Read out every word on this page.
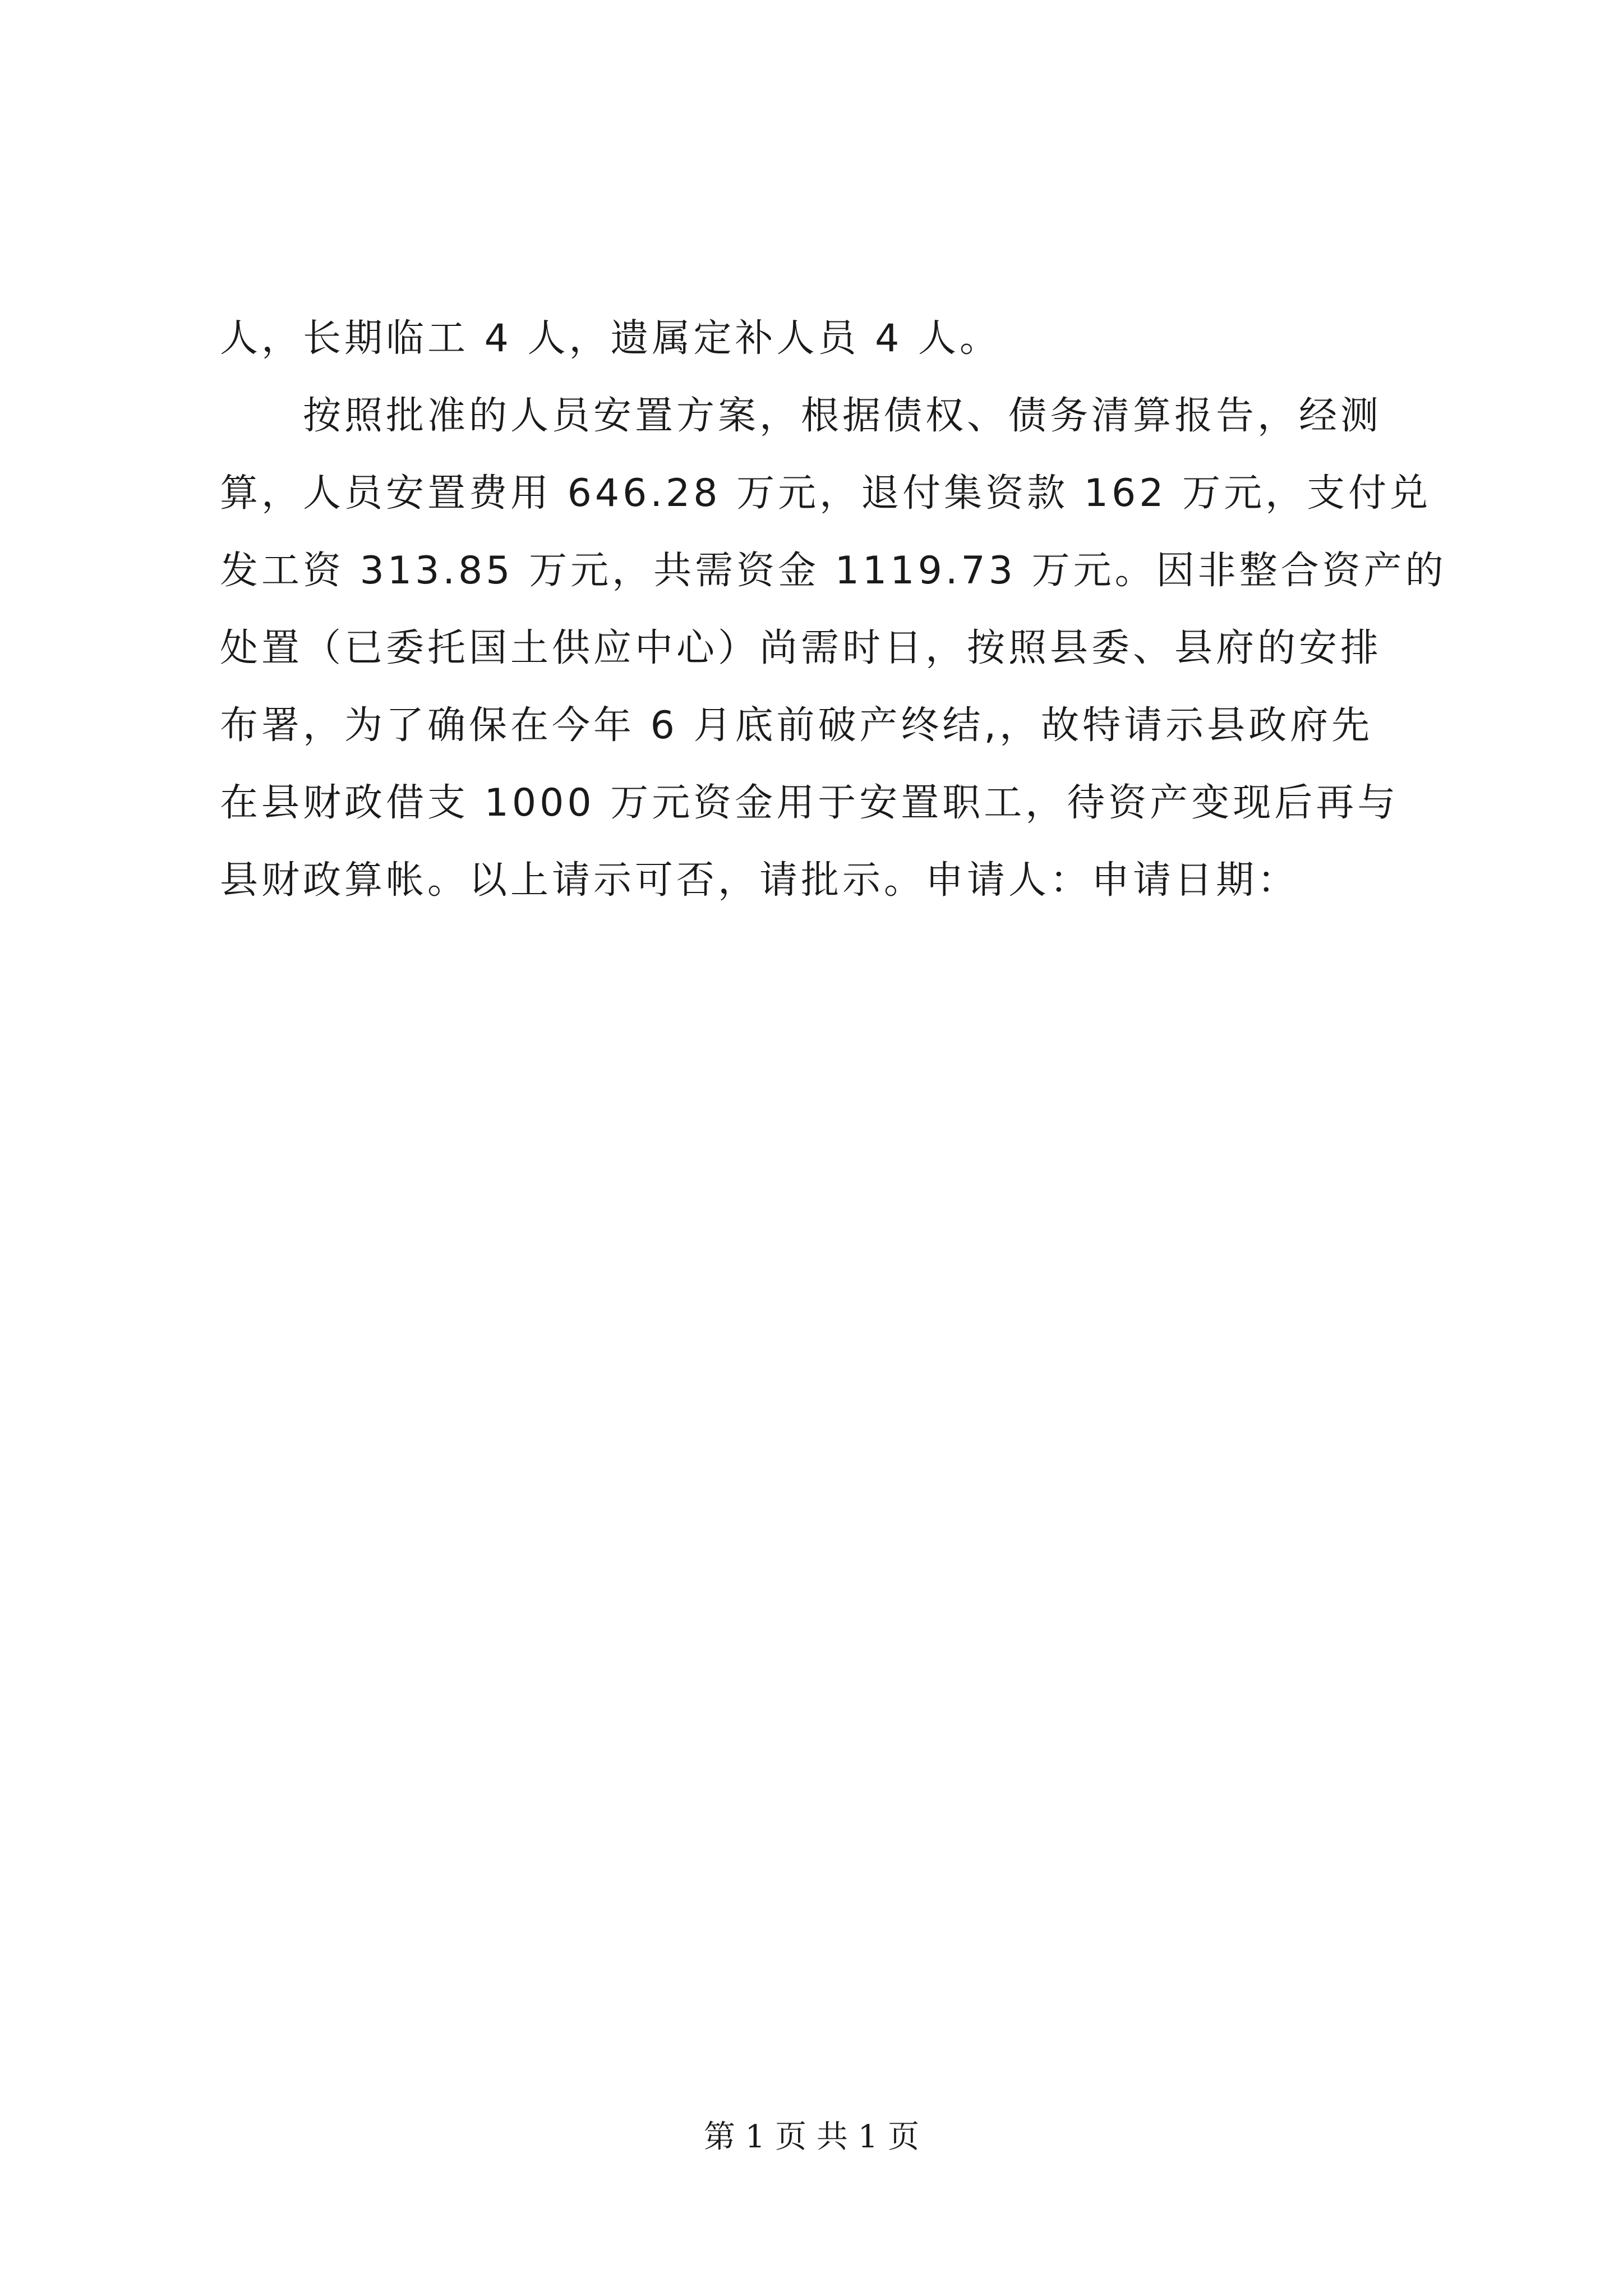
人，长期临工 4 人，遗属定补人员 4 人。
按照批准的人员安置方案，根据债权、债务清算报告，经测
算，人员安置费用 646.28 万元，退付集资款 162 万元，支付兑
发工资 313.85 万元，共需资金 1119.73 万元。因非整合资产的
处置（已委托国土供应中心）尚需时日，按照县委、县府的安排
布署，为了确保在今年 6 月底前破产终结,，故特请示县政府先
在县财政借支 1000 万元资金用于安置职工，待资产变现后再与
县财政算帐。以上请示可否，请批示。申请人：申请日期：
第 1 页 共 1 页
